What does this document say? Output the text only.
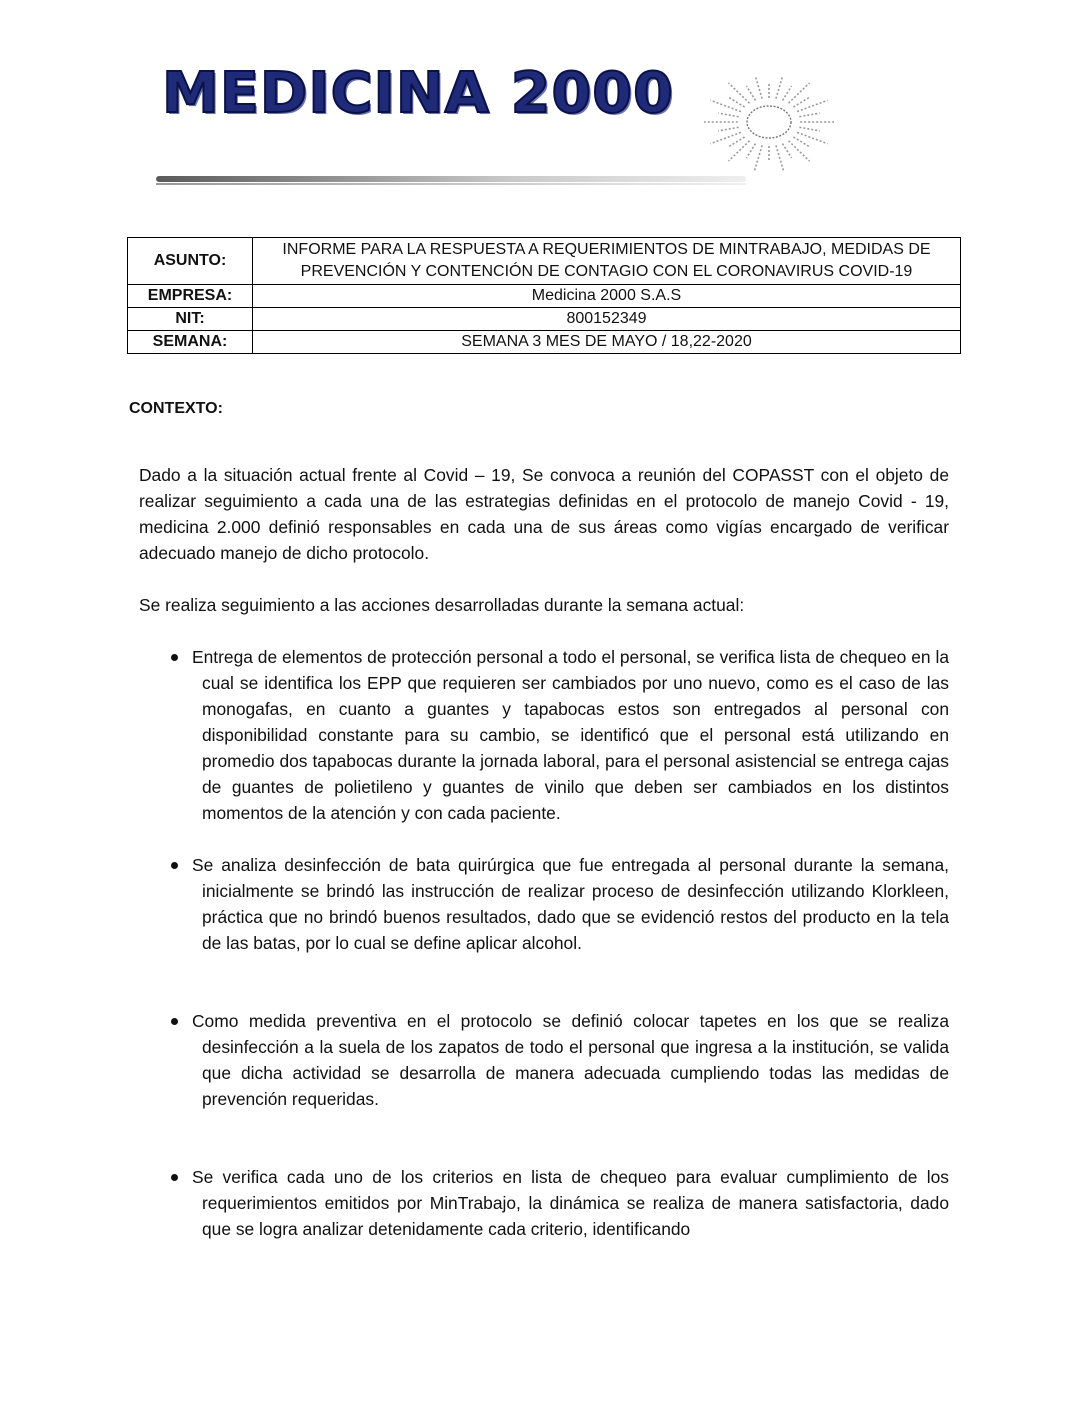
MEDICINA 2000
ASUNTO:	INFORME PARA LA RESPUESTA A REQUERIMIENTOS DE MINTRABAJO, MEDIDAS DE PREVENCIÓN Y CONTENCIÓN DE CONTAGIO CON EL CORONAVIRUS COVID-19
EMPRESA:	Medicina 2000 S.A.S
NIT:	800152349
SEMANA:	SEMANA 3 MES DE MAYO / 18,22-2020
CONTEXTO:

Dado a la situación actual frente al Covid – 19, Se convoca a reunión del COPASST con el objeto de realizar seguimiento a cada una de las estrategias definidas en el protocolo de manejo Covid - 19, medicina 2.000 definió responsables en cada una de sus áreas como vigías encargado de verificar adecuado manejo de dicho protocolo.

Se realiza seguimiento a las acciones desarrolladas durante la semana actual:

Entrega de elementos de protección personal a todo el personal, se verifica lista de chequeo en la cual se identifica los EPP que requieren ser cambiados por uno nuevo, como es el caso de las monogafas, en cuanto a guantes y tapabocas estos son entregados al personal con disponibilidad constante para su cambio, se identificó que el personal está utilizando en promedio dos tapabocas durante la jornada laboral, para el personal asistencial se entrega cajas de guantes de polietileno y guantes de vinilo que deben ser cambiados en los distintos momentos de la atención y con cada paciente.

Se analiza desinfección de bata quirúrgica que fue entregada al personal durante la semana, inicialmente se brindó las instrucción de realizar proceso de desinfección utilizando Klorkleen, práctica que no brindó buenos resultados, dado que se evidenció restos del producto en la tela de las batas, por lo cual se define aplicar alcohol.

Como medida preventiva en el protocolo se definió colocar tapetes en los que se realiza desinfección a la suela de los zapatos de todo el personal que ingresa a la institución, se valida que dicha actividad se desarrolla de manera adecuada cumpliendo todas las medidas de prevención requeridas.

Se verifica cada uno de los criterios en lista de chequeo para evaluar cumplimiento de los requerimientos emitidos por MinTrabajo, la dinámica se realiza de manera satisfactoria, dado que se logra analizar detenidamente cada criterio, identificando
